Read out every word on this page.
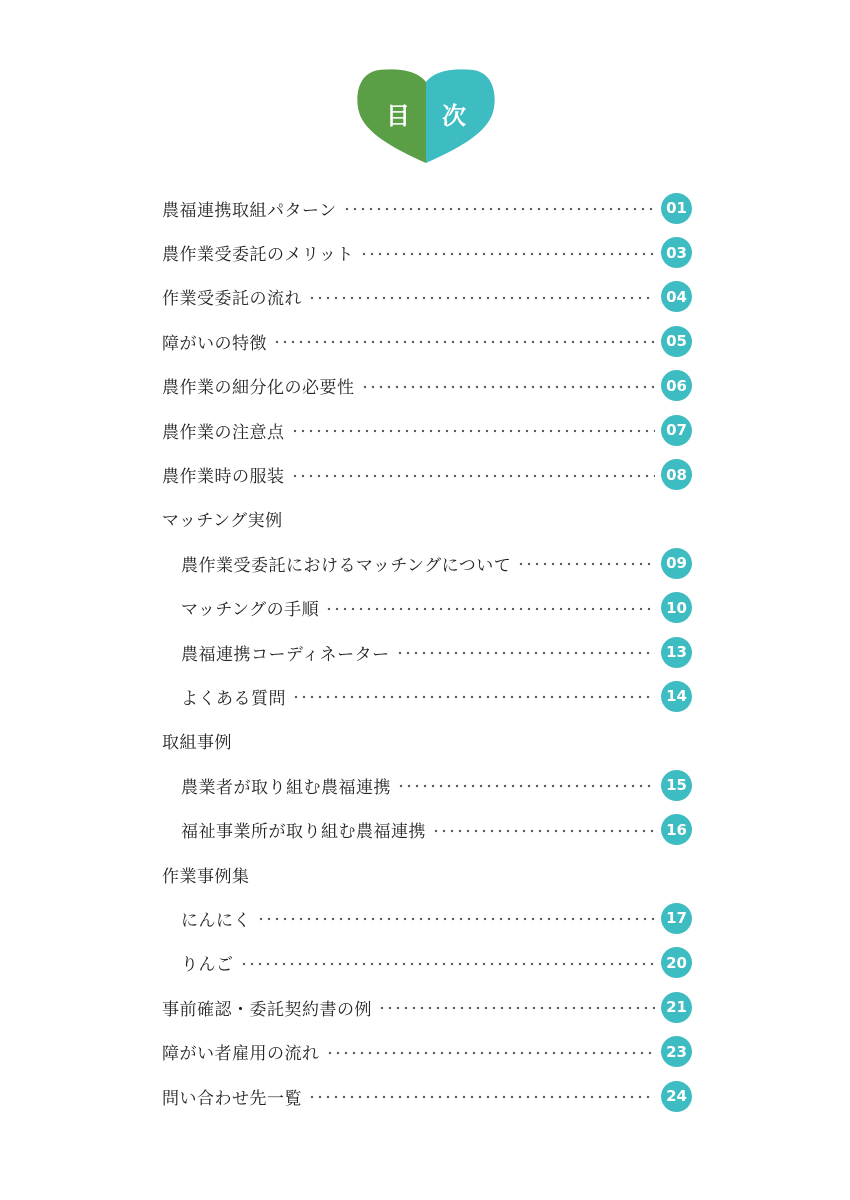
目 次
農福連携取組パターン	01
農作業受委託のメリット	03
作業受委託の流れ	04
障がいの特徴	05
農作業の細分化の必要性	06
農作業の注意点	07
農作業時の服装	08
マッチング実例
農作業受委託におけるマッチングについて	09
マッチングの手順	10
農福連携コーディネーター	13
よくある質問	14
取組事例
農業者が取り組む農福連携	15
福祉事業所が取り組む農福連携	16
作業事例集
にんにく	17
りんご	20
事前確認・委託契約書の例	21
障がい者雇用の流れ	23
問い合わせ先一覧	24
